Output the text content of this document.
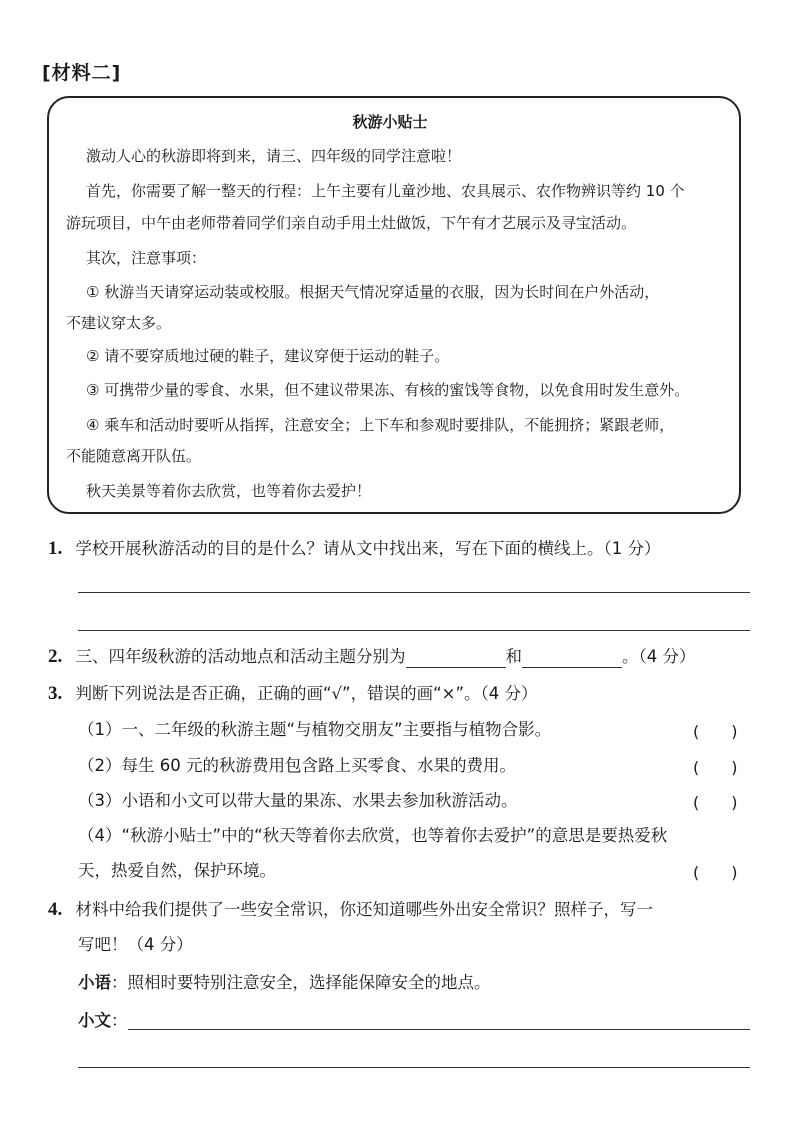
[材料二]
秋游小贴士
激动人心的秋游即将到来，请三、四年级的同学注意啦！
首先，你需要了解一整天的行程：上午主要有儿童沙地、农具展示、农作物辨识等约 10 个
游玩项目，中午由老师带着同学们亲自动手用土灶做饭，下午有才艺展示及寻宝活动。
其次，注意事项：
① 秋游当天请穿运动装或校服。根据天气情况穿适量的衣服，因为长时间在户外活动，
不建议穿太多。
② 请不要穿质地过硬的鞋子，建议穿便于运动的鞋子。
③ 可携带少量的零食、水果，但不建议带果冻、有核的蜜饯等食物，以免食用时发生意外。
④ 乘车和活动时要听从指挥，注意安全；上下车和参观时要排队，不能拥挤；紧跟老师，
不能随意离开队伍。
秋天美景等着你去欣赏，也等着你去爱护！
1. 学校开展秋游活动的目的是什么？请从文中找出来，写在下面的横线上。（1 分）
2. 三、四年级秋游的活动地点和活动主题分别为	和	。（4 分）
3. 判断下列说法是否正确，正确的画“√”，错误的画“×”。（4 分）
（1）一、二年级的秋游主题“与植物交朋友”主要指与植物合影。	(　　)
（2）每生 60 元的秋游费用包含路上买零食、水果的费用。	(　　)
（3）小语和小文可以带大量的果冻、水果去参加秋游活动。	(　　)
（4）“秋游小贴士”中的“秋天等着你去欣赏，也等着你去爱护”的意思是要热爱秋
天，热爱自然，保护环境。	(　　)
4. 材料中给我们提供了一些安全常识，你还知道哪些外出安全常识？照样子，写一
写吧！（4 分）
小语：照相时要特别注意安全，选择能保障安全的地点。
小文：
